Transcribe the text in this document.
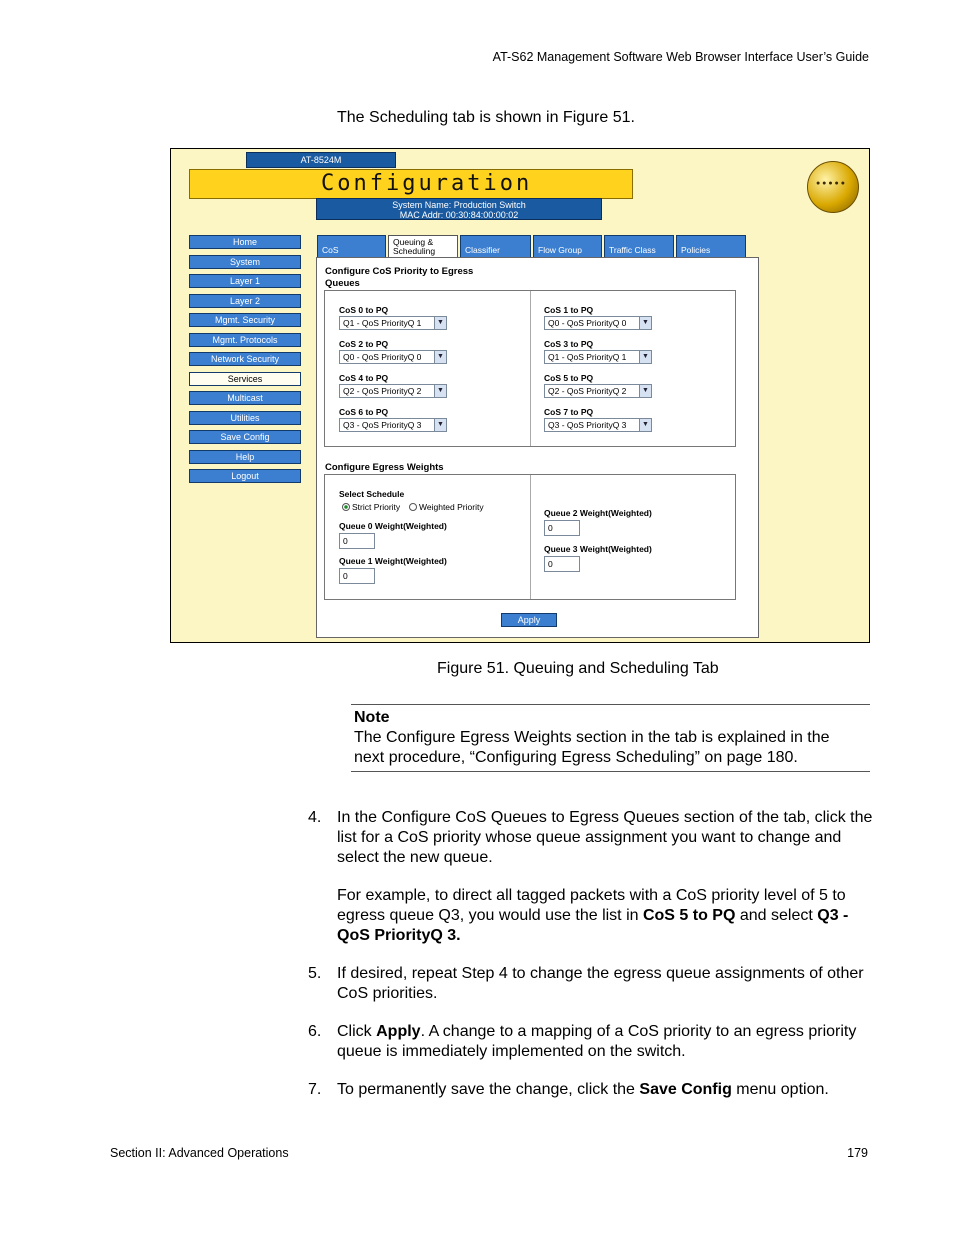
AT-S62 Management Software Web Browser Interface User’s Guide
The Scheduling tab is shown in Figure 51.
AT-8524M
Configuration
System Name: Production Switch
MAC Addr: 00:30:84:00:00:02
● ● ● ● ●
Home
System
Layer 1
Layer 2
Mgmt. Security
Mgmt. Protocols
Network Security
Services
Multicast
Utilities
Save Config
Help
Logout
CoS
Queuing & Scheduling	Classifier	Flow Group	Traffic Class	Policies
Configure CoS Priority to Egress Queues
CoS 0 to PQ
Q1 - QoS PriorityQ 1	▼
CoS 1 to PQ
Q0 - QoS PriorityQ 0	▼
CoS 2 to PQ
Q0 - QoS PriorityQ 0	▼
CoS 3 to PQ
Q1 - QoS PriorityQ 1	▼
CoS 4 to PQ
Q2 - QoS PriorityQ 2	▼
CoS 5 to PQ
Q2 - QoS PriorityQ 2	▼
CoS 6 to PQ
Q3 - QoS PriorityQ 3	▼
CoS 7 to PQ
Q3 - QoS PriorityQ 3	▼
Configure Egress Weights
Select Schedule
Strict Priority	Weighted Priority
Queue 0 Weight(Weighted)
0
Queue 1 Weight(Weighted)
0
Queue 2 Weight(Weighted)
0
Queue 3 Weight(Weighted)
0
Apply
Figure 51. Queuing and Scheduling Tab
Note

The Configure Egress Weights section in the tab is explained in the

next procedure, “Configuring Egress Scheduling” on page 180.

4. In the Configure CoS Queues to Egress Queues section of the tab, click the list for a CoS priority whose queue assignment you want to change and select the new queue.

For example, to direct all tagged packets with a CoS priority level of 5 to egress queue Q3, you would use the list in CoS 5 to PQ and select Q3 - QoS PriorityQ 3.

5. If desired, repeat Step 4 to change the egress queue assignments of other CoS priorities.

6. Click Apply. A change to a mapping of a CoS priority to an egress priority queue is immediately implemented on the switch.

7. To permanently save the change, click the Save Config menu option.

Section II: Advanced Operations	179
